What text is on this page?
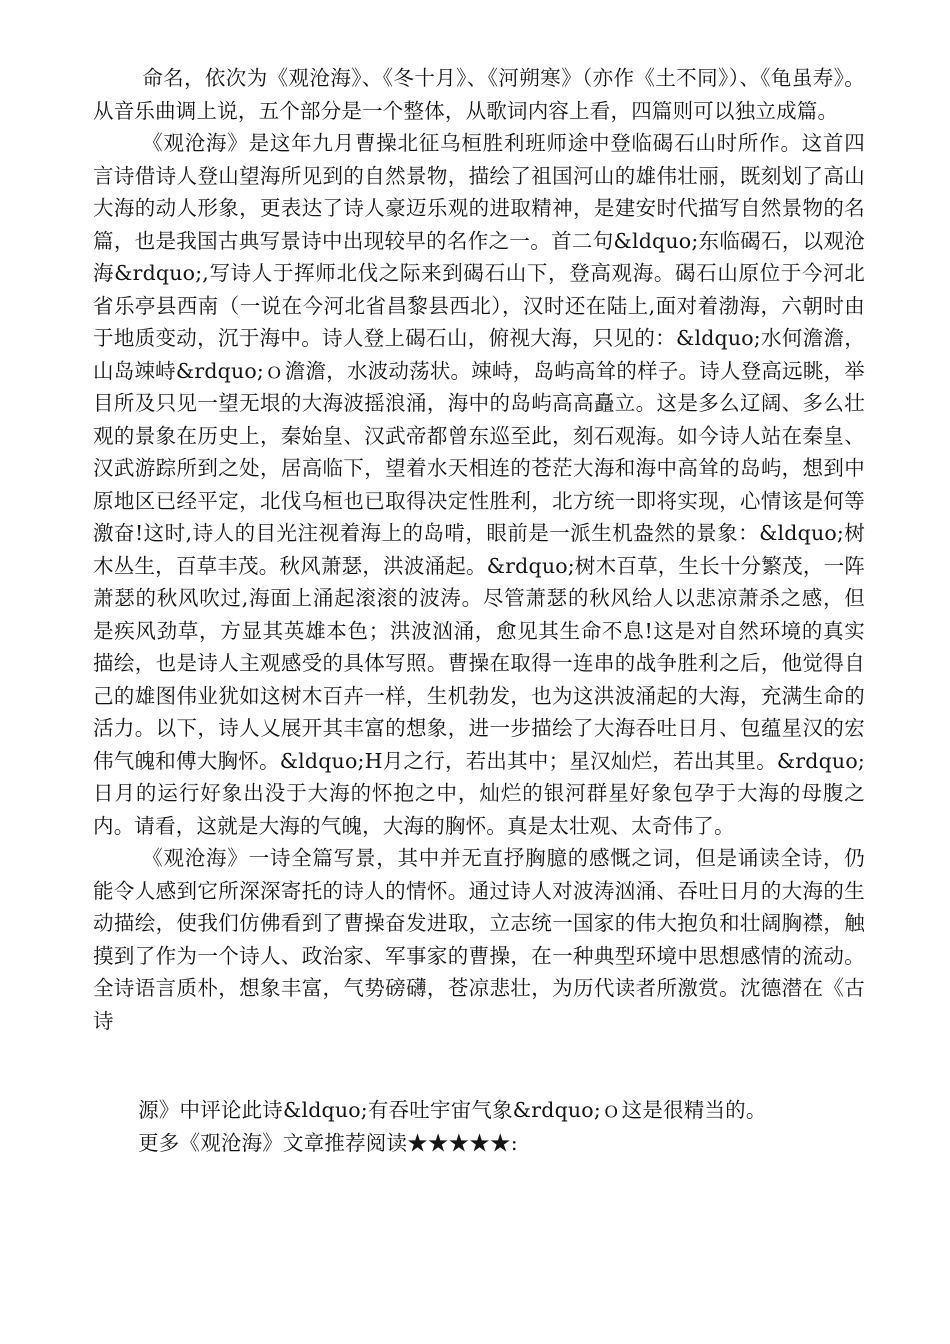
命名，依次为《观沧海》、《冬十月》、《河朔寒》（亦作《土不同》）、《龟虽寿》。从音乐曲调上说，五个部分是一个整体，从歌词内容上看，四篇则可以独立成篇。

《观沧海》是这年九月曹操北征乌桓胜利班师途中登临碣石山时所作。这首四言诗借诗人登山望海所见到的自然景物，描绘了祖国河山的雄伟壮丽，既刻划了高山大海的动人形象，更表达了诗人豪迈乐观的进取精神，是建安时代描写自然景物的名篇，也是我国古典写景诗中出现较早的名作之一。首二句&ldquo;东临碣石，以观沧海&rdquo;,写诗人于挥师北伐之际来到碣石山下，登高观海。碣石山原位于今河北省乐亭县西南（一说在今河北省昌黎县西北），汉时还在陆上,面对着渤海，六朝时由于地质变动，沉于海中。诗人登上碣石山，俯视大海，只见的：&ldquo;水何澹澹，山岛竦峙&rdquo;ｏ澹澹，水波动荡状。竦峙，岛屿高耸的样子。诗人登高远眺，举目所及只见一望无垠的大海波摇浪涌，海中的岛屿高高矗立。这是多么辽阔、多么壮观的景象在历史上，秦始皇、汉武帝都曾东巡至此，刻石观海。如今诗人站在秦皇、汉武游踪所到之处，居高临下，望着水天相连的苍茫大海和海中高耸的岛屿，想到中原地区已经平定，北伐乌桓也已取得决定性胜利，北方统一即将实现，心情该是何等激奋!这时,诗人的目光注视着海上的岛啃，眼前是一派生机盎然的景象：&ldquo;树木丛生，百草丰茂。秋风萧瑟，洪波涌起。&rdquo;树木百草，生长十分繁茂，一阵萧瑟的秋风吹过,海面上涌起滚滚的波涛。尽管萧瑟的秋风给人以悲凉萧杀之感，但是疾风劲草，方显其英雄本色；洪波汹涌，愈见其生命不息!这是对自然环境的真实描绘，也是诗人主观感受的具体写照。曹操在取得一连串的战争胜利之后，他觉得自己的雄图伟业犹如这树木百卉一样，生机勃发，也为这洪波涌起的大海，充满生命的活力。以下，诗人乂展开其丰富的想象，进一步描绘了大海吞吐日月、包蕴星汉的宏伟气魄和傅大胸怀。&ldquo;H月之行，若出其中；星汉灿烂，若出其里。&rdquo;日月的运行好象出没于大海的怀抱之中，灿烂的银河群星好象包孕于大海的母腹之内。请看，这就是大海的气魄，大海的胸怀。真是太壮观、太奇伟了。

《观沧海》一诗全篇写景，其中并无直抒胸臆的感慨之词，但是诵读全诗，仍能令人感到它所深深寄托的诗人的情怀。通过诗人对波涛汹涌、吞吐日月的大海的生动描绘，使我们仿佛看到了曹操奋发进取，立志统一国家的伟大抱负和壮阔胸襟，触摸到了作为一个诗人、政治家、军事家的曹操，在一种典型环境中思想感情的流动。全诗语言质朴，想象丰富，气势磅礴，苍凉悲壮，为历代读者所激赏。沈德潜在《古诗

源》中评论此诗&ldquo;有吞吐宇宙气象&rdquo;ｏ这是很精当的。

更多《观沧海》文章推荐阅读★★★★★:
